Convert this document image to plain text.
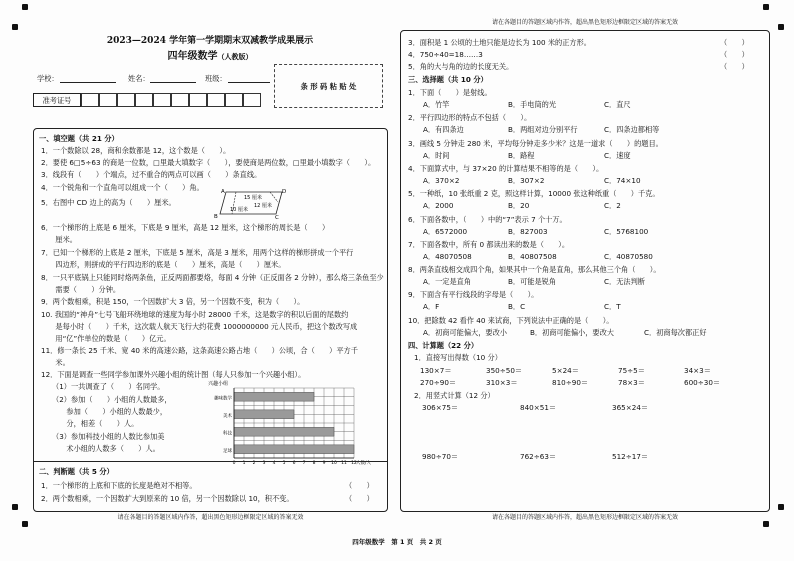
2023—2024 学年第一学期期末双减教学成果展示
四年级数学（人教版）
学校：	姓名：	班级：
准考证号
条 形 码 粘 贴 处
一、填空题（共 21 分）
1．一个数除以 28，商和余数都是 12，这个数是（　　）。
2．要使 6□5÷63 的商是一位数，□里最大填数字（　　），要使商是两位数，□里最小填数字（　　）。
3．线段有（　　）个端点，过不重合的两点可以画（　　）条直线。
4．一个锐角和一个直角可以组成一个（　　）角。
5．右图中 CD 边上的高为（　　）厘米。
A	D
B	C
15 厘米
10 厘米
12 厘米
6．一个梯形的上底是 6 厘米，下底是 9 厘米，高是 12 厘米，这个梯形的周长是（　　）
　　厘米。
7．已知一个梯形的上底是 2 厘米，下底是 5 厘米，高是 3 厘米，用两个这样的梯形拼成一个平行
　　四边形，则拼成的平行四边形的底是（　　）厘米，高是（　　）厘米。
8．一只平底锅上只能同时烙两条鱼，正反两面都要烙，每面 4 分钟（正反面各 2 分钟），那么烙三条鱼至少
　　需要（　　）分钟。
9．两个数相乘，积是 150，一个因数扩大 3 倍，另一个因数不变，积为（　　）。
10. 我国的“神舟”七号飞船环绕地球的速度为每小时 28000 千米，这是数字的积以后面的尾数约
　　是每小时（　　）千米，这次载人航天飞行大约花费 1000000000 元人民币，把这个数改写成
　　用“亿”作单位的数是（　　）亿元。
11．修一条长 25 千米、宽 40 米的高速公路，这条高速公路占地（　　）公顷，合（　　）平方千
　　米。
12．下面是调查一些同学参加课外兴趣小组的统计图（每人只参加一个兴趣小组）。
（1）一共调查了（　　）名同学。
（2）参加（　　）小组的人数最多，
　　参加（　　）小组的人数最少，
　　分，相差（　　）人。
（3）参加科技小组的人数比参加美
　　术小组的人数多（　　）人。
兴趣小组
趣味数学
美术
科技
足球
0 1 2 3 4 5 6 7 8 9 10 11 12 人数/人
二、判断题（共 5 分）
1．一个梯形的上底和下底的长度是绝对不相等。	（　　）
2．两个数相乘，一个因数扩大到原来的 10 倍，另一个因数除以 10，积不变。	（　　）
请在各题目的答题区域内作答，超出黑色矩形边框限定区域的答案无效
请在各题目的答题区域内作答，超出黑色矩形边框限定区域的答案无效
3．面积是 1 公顷的土地只能是边长为 100 米的正方形。	（　　）
4．750÷40=18……3	（　　）
5．角的大与角的边的长度无关。	（　　）
三、选择题（共 10 分）
四、计算题（22 分）
1．直接写出得数（10 分）
2．用竖式计算（12 分）
请在各题目的答题区域内作答，超出黑色矩形边框限定区域的答案无效
四年级数学　第 1 页　共 2 页
1．下面（　　）是射线。
A．竹竿	B．手电筒的光	C．直尺
2．平行四边形的特点不包括（　　）。
A．有四条边	B．两组对边分别平行	C．四条边都相等
3．画线 5 分钟走 280 米，平均每分钟走多少米？这是一道求（　　）的题目。
A．时间	B．路程	C．速度
4．下面算式中，与 37×20 的计算结果不相等的是（　　）。
A．370×2	B．307×2	C．74×10
5．一种纸，10 张纸重 2 克，照这样计算，10000 张这种纸重（　　）千克。
A．2000	B．20	C．2
6．下面各数中，（　　）中的“7”表示 7 个十万。
A．6572000	B．827003	C．5768100
7．下面各数中，所有 0 都读出来的数是（　　）。
A．48070508	B．40807508	C．40870580
8．两条直线相交成四个角，如果其中一个角是直角，那么其他三个角（　　）。
A．一定是直角	B．可能是锐角	C．无法判断
9．下面含有平行线段的字母是（　　）。
A．F	B．C	C．T
10．把除数 42 看作 40 来试商，下列说法中正确的是（　　）。
A．初商可能偏大，要改小	B．初商可能偏小，要改大	C．初商每次都正好
130×7＝	350÷50＝	5×24＝	75÷5＝	34×3＝
270÷90＝	310×3＝	810÷90＝	78×3＝	600÷30＝
306×75＝	840×51＝	365×24＝
980÷70＝	762÷63＝	512÷17＝
